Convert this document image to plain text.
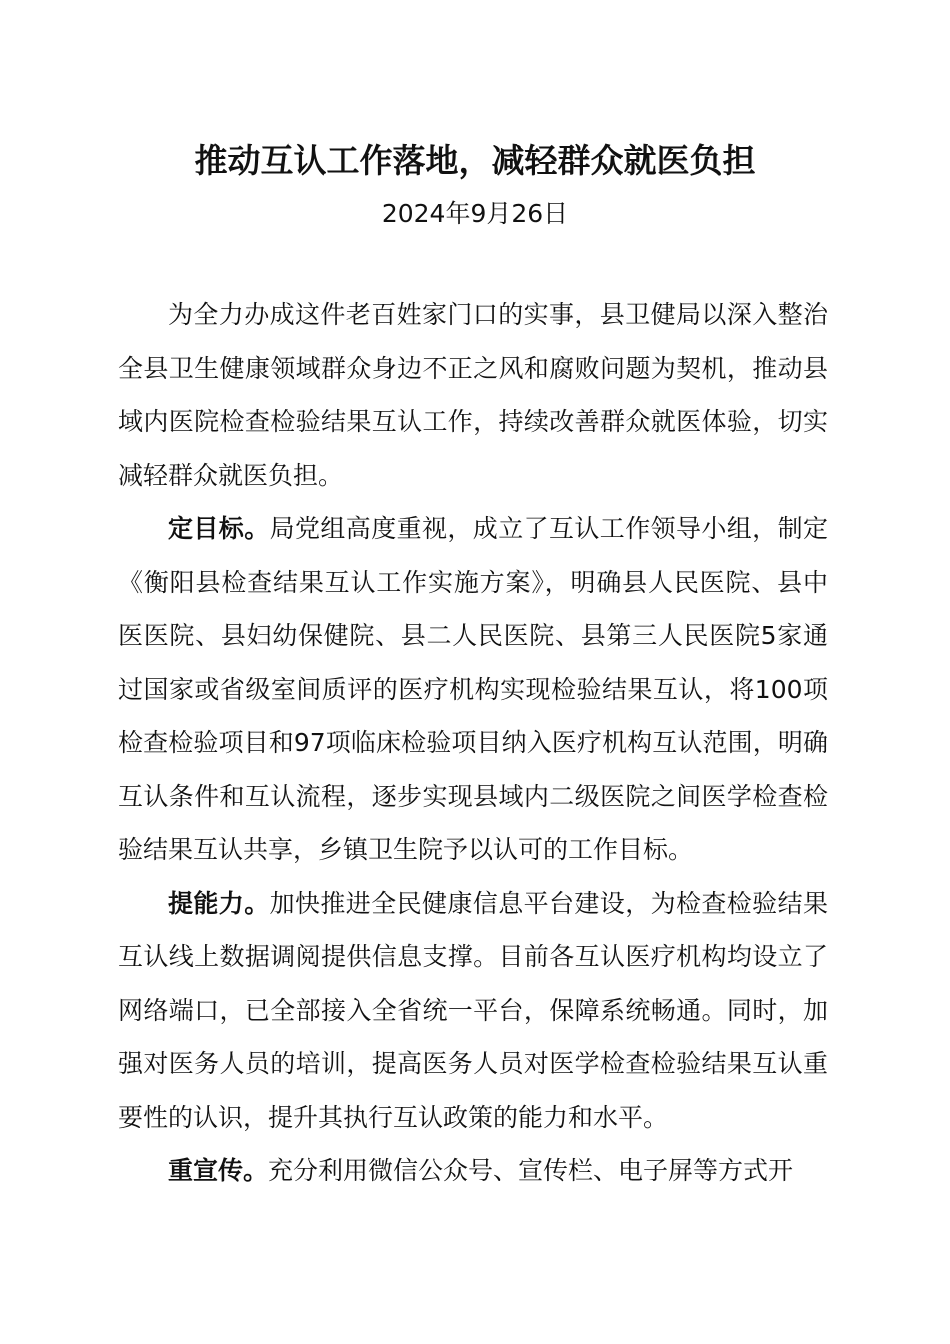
推动互认工作落地，减轻群众就医负担

2024年9月26日

为全力办成这件老百姓家门口的实事，县卫健局以深入整治全县卫生健康领域群众身边不正之风和腐败问题为契机，推动县域内医院检查检验结果互认工作，持续改善群众就医体验，切实减轻群众就医负担。

定目标。局党组高度重视，成立了互认工作领导小组，制定《衡阳县检查结果互认工作实施方案》，明确县人民医院、县中医医院、县妇幼保健院、县二人民医院、县第三人民医院5家通过国家或省级室间质评的医疗机构实现检验结果互认，将100项检查检验项目和97项临床检验项目纳入医疗机构互认范围，明确互认条件和互认流程，逐步实现县域内二级医院之间医学检查检验结果互认共享，乡镇卫生院予以认可的工作目标。

提能力。加快推进全民健康信息平台建设，为检查检验结果互认线上数据调阅提供信息支撑。目前各互认医疗机构均设立了网络端口，已全部接入全省统一平台，保障系统畅通。同时，加强对医务人员的培训，提高医务人员对医学检查检验结果互认重要性的认识，提升其执行互认政策的能力和水平。

重宣传。充分利用微信公众号、宣传栏、电子屏等方式开
